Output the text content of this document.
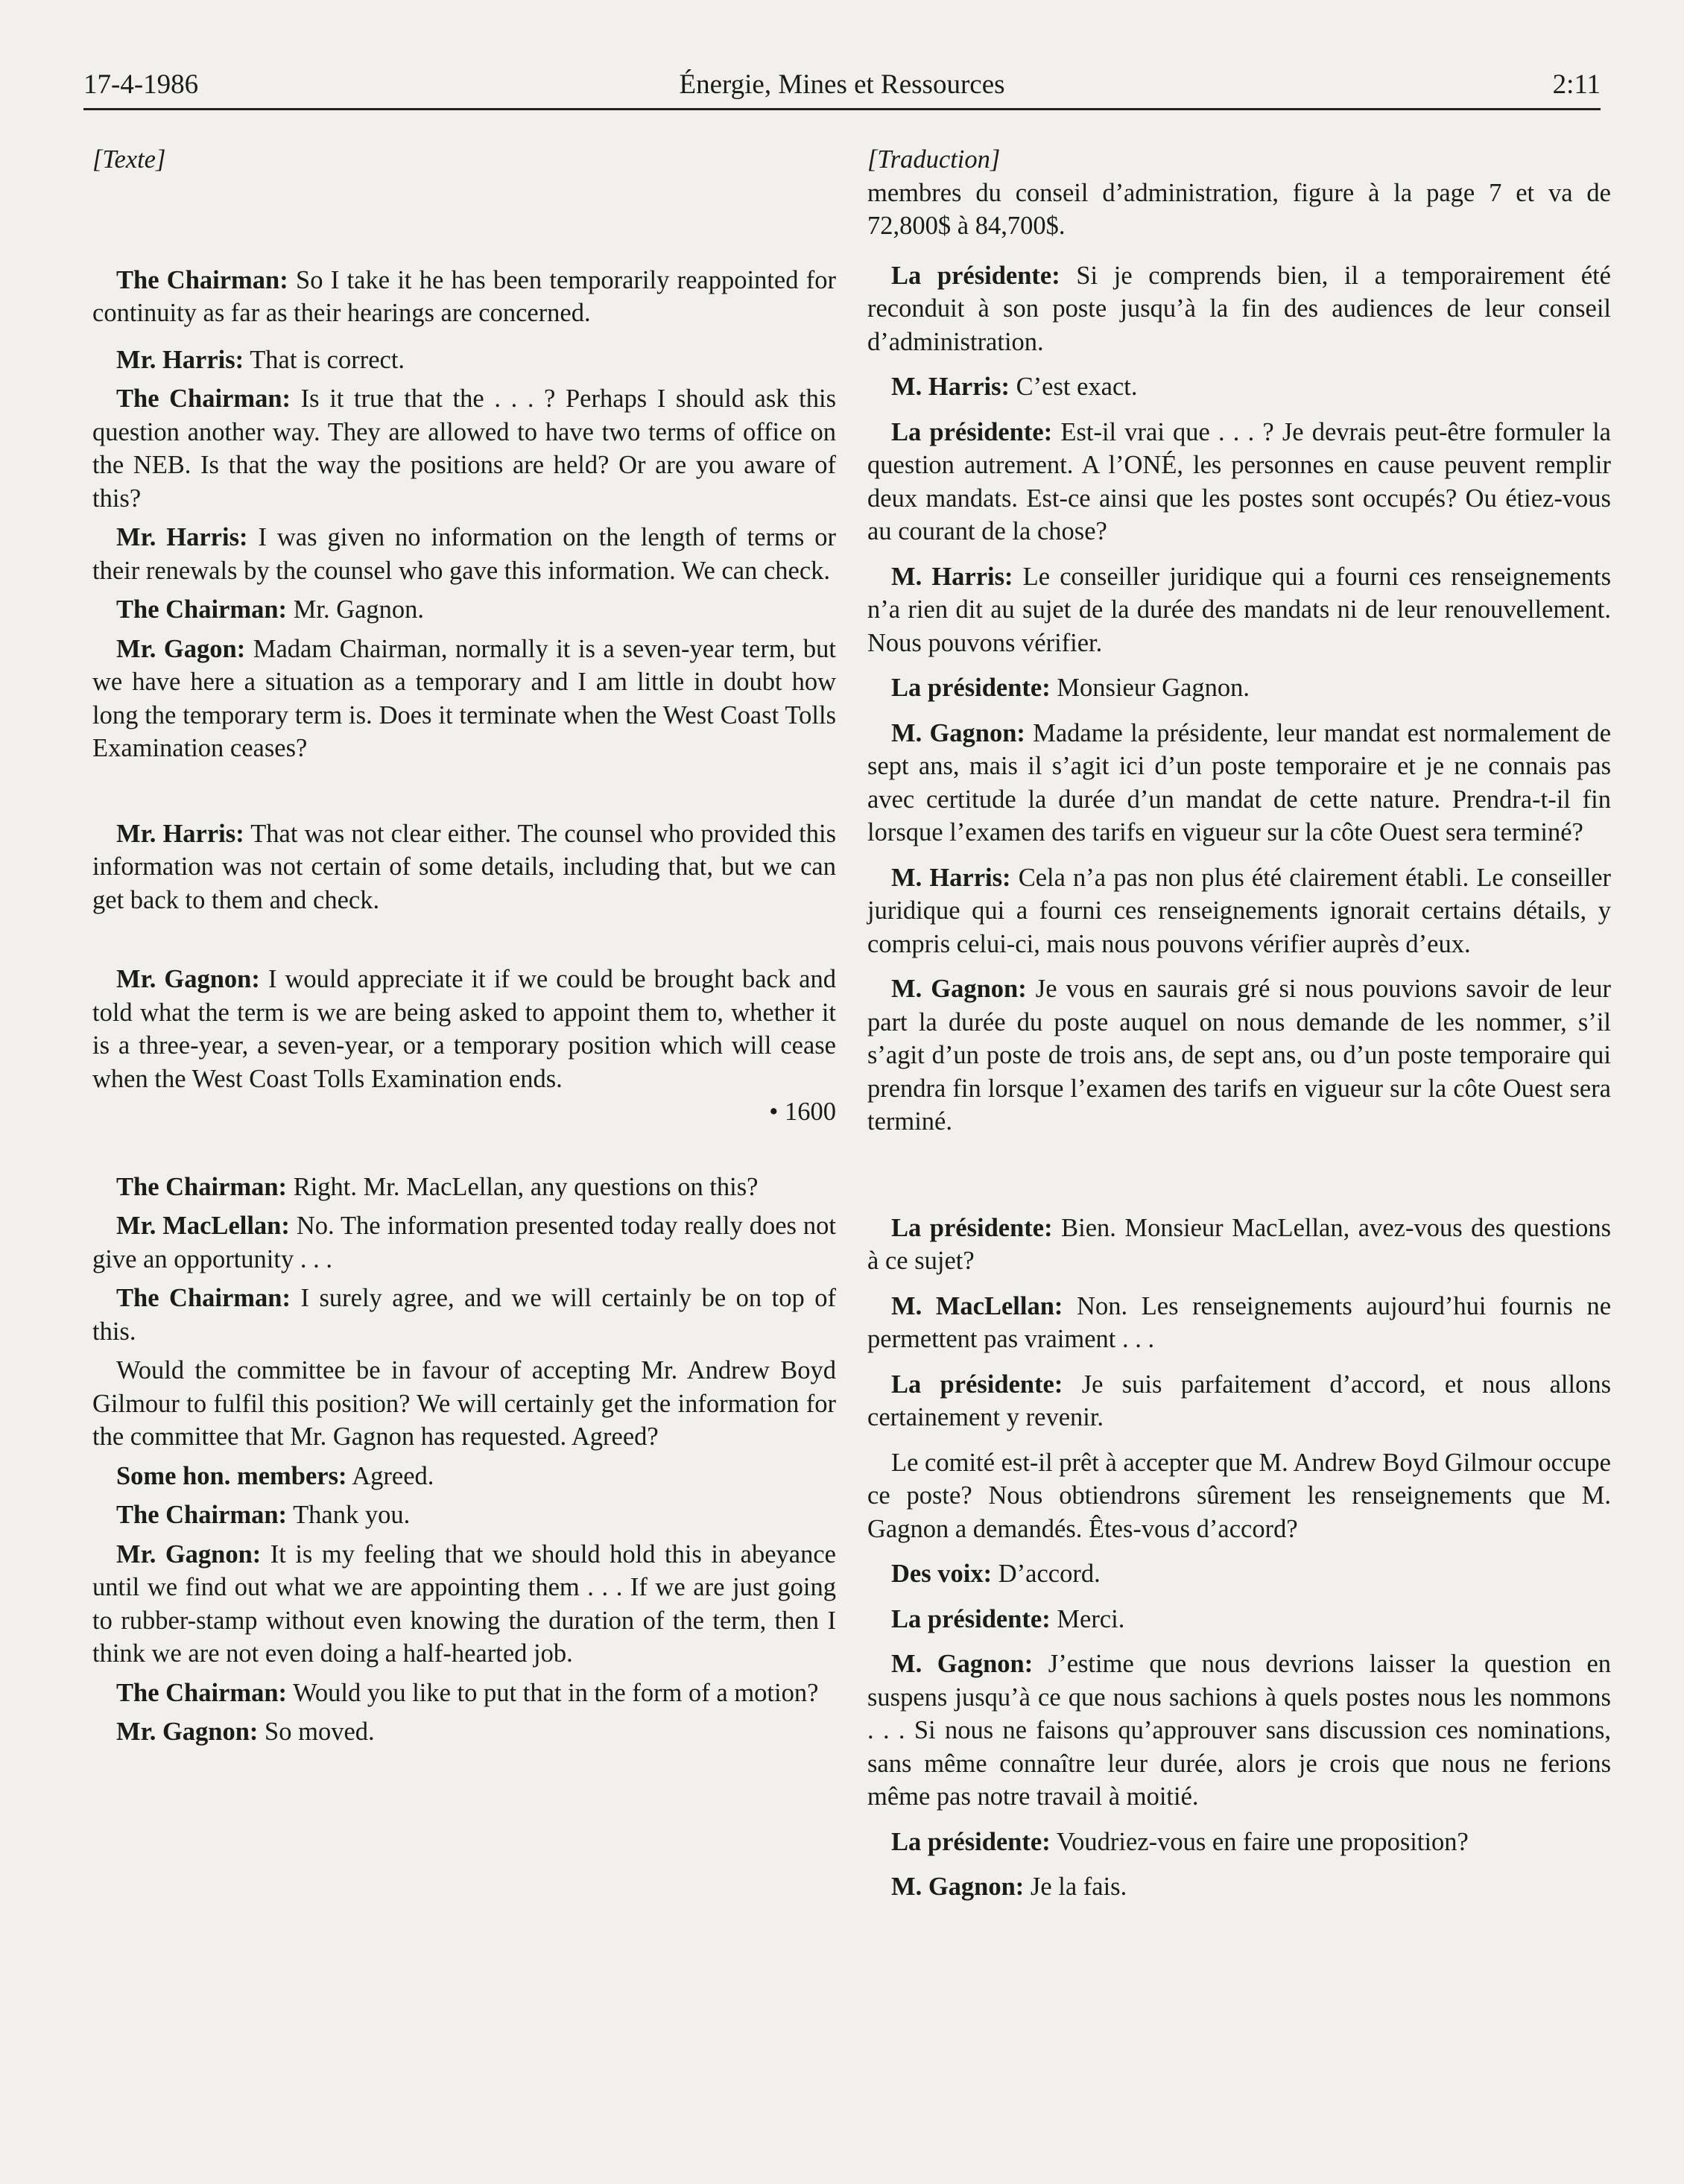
17-4-1986	Énergie, Mines et Ressources	2:11
[Texte]

The Chairman: So I take it he has been temporarily reappointed for continuity as far as their hearings are concerned.

Mr. Harris: That is correct.

The Chairman: Is it true that the . . . ? Perhaps I should ask this question another way. They are allowed to have two terms of office on the NEB. Is that the way the positions are held? Or are you aware of this?

Mr. Harris: I was given no information on the length of terms or their renewals by the counsel who gave this information. We can check.

The Chairman: Mr. Gagnon.

Mr. Gagon: Madam Chairman, normally it is a seven-year term, but we have here a situation as a temporary and I am little in doubt how long the temporary term is. Does it terminate when the West Coast Tolls Examination ceases?

Mr. Harris: That was not clear either. The counsel who provided this information was not certain of some details, including that, but we can get back to them and check.

Mr. Gagnon: I would appreciate it if we could be brought back and told what the term is we are being asked to appoint them to, whether it is a three-year, a seven-year, or a temporary position which will cease when the West Coast Tolls Examination ends.

• 1600

The Chairman: Right. Mr. MacLellan, any questions on this?

Mr. MacLellan: No. The information presented today really does not give an opportunity . . .

The Chairman: I surely agree, and we will certainly be on top of this.

Would the committee be in favour of accepting Mr. Andrew Boyd Gilmour to fulfil this position? We will certainly get the information for the committee that Mr. Gagnon has requested. Agreed?

Some hon. members: Agreed.

The Chairman: Thank you.

Mr. Gagnon: It is my feeling that we should hold this in abeyance until we find out what we are appointing them . . . If we are just going to rubber-stamp without even knowing the duration of the term, then I think we are not even doing a half-hearted job.

The Chairman: Would you like to put that in the form of a motion?

Mr. Gagnon: So moved.

[Traduction]

membres du conseil d’administration, figure à la page 7 et va de 72,800$ à 84,700$.

La présidente: Si je comprends bien, il a temporairement été reconduit à son poste jusqu’à la fin des audiences de leur conseil d’administration.

M. Harris: C’est exact.

La présidente: Est-il vrai que . . . ? Je devrais peut-être formuler la question autrement. A l’ONÉ, les personnes en cause peuvent remplir deux mandats. Est-ce ainsi que les postes sont occupés? Ou étiez-vous au courant de la chose?

M. Harris: Le conseiller juridique qui a fourni ces renseignements n’a rien dit au sujet de la durée des mandats ni de leur renouvellement. Nous pouvons vérifier.

La présidente: Monsieur Gagnon.

M. Gagnon: Madame la présidente, leur mandat est normalement de sept ans, mais il s’agit ici d’un poste temporaire et je ne connais pas avec certitude la durée d’un mandat de cette nature. Prendra-t-il fin lorsque l’examen des tarifs en vigueur sur la côte Ouest sera terminé?

M. Harris: Cela n’a pas non plus été clairement établi. Le conseiller juridique qui a fourni ces renseignements ignorait certains détails, y compris celui-ci, mais nous pouvons vérifier auprès d’eux.

M. Gagnon: Je vous en saurais gré si nous pouvions savoir de leur part la durée du poste auquel on nous demande de les nommer, s’il s’agit d’un poste de trois ans, de sept ans, ou d’un poste temporaire qui prendra fin lorsque l’examen des tarifs en vigueur sur la côte Ouest sera terminé.

La présidente: Bien. Monsieur MacLellan, avez-vous des questions à ce sujet?

M. MacLellan: Non. Les renseignements aujourd’hui fournis ne permettent pas vraiment . . .

La présidente: Je suis parfaitement d’accord, et nous allons certainement y revenir.

Le comité est-il prêt à accepter que M. Andrew Boyd Gilmour occupe ce poste? Nous obtiendrons sûrement les renseignements que M. Gagnon a demandés. Êtes-vous d’accord?

Des voix: D’accord.

La présidente: Merci.

M. Gagnon: J’estime que nous devrions laisser la question en suspens jusqu’à ce que nous sachions à quels postes nous les nommons . . . Si nous ne faisons qu’approuver sans discussion ces nominations, sans même connaître leur durée, alors je crois que nous ne ferions même pas notre travail à moitié.

La présidente: Voudriez-vous en faire une proposition?

M. Gagnon: Je la fais.
